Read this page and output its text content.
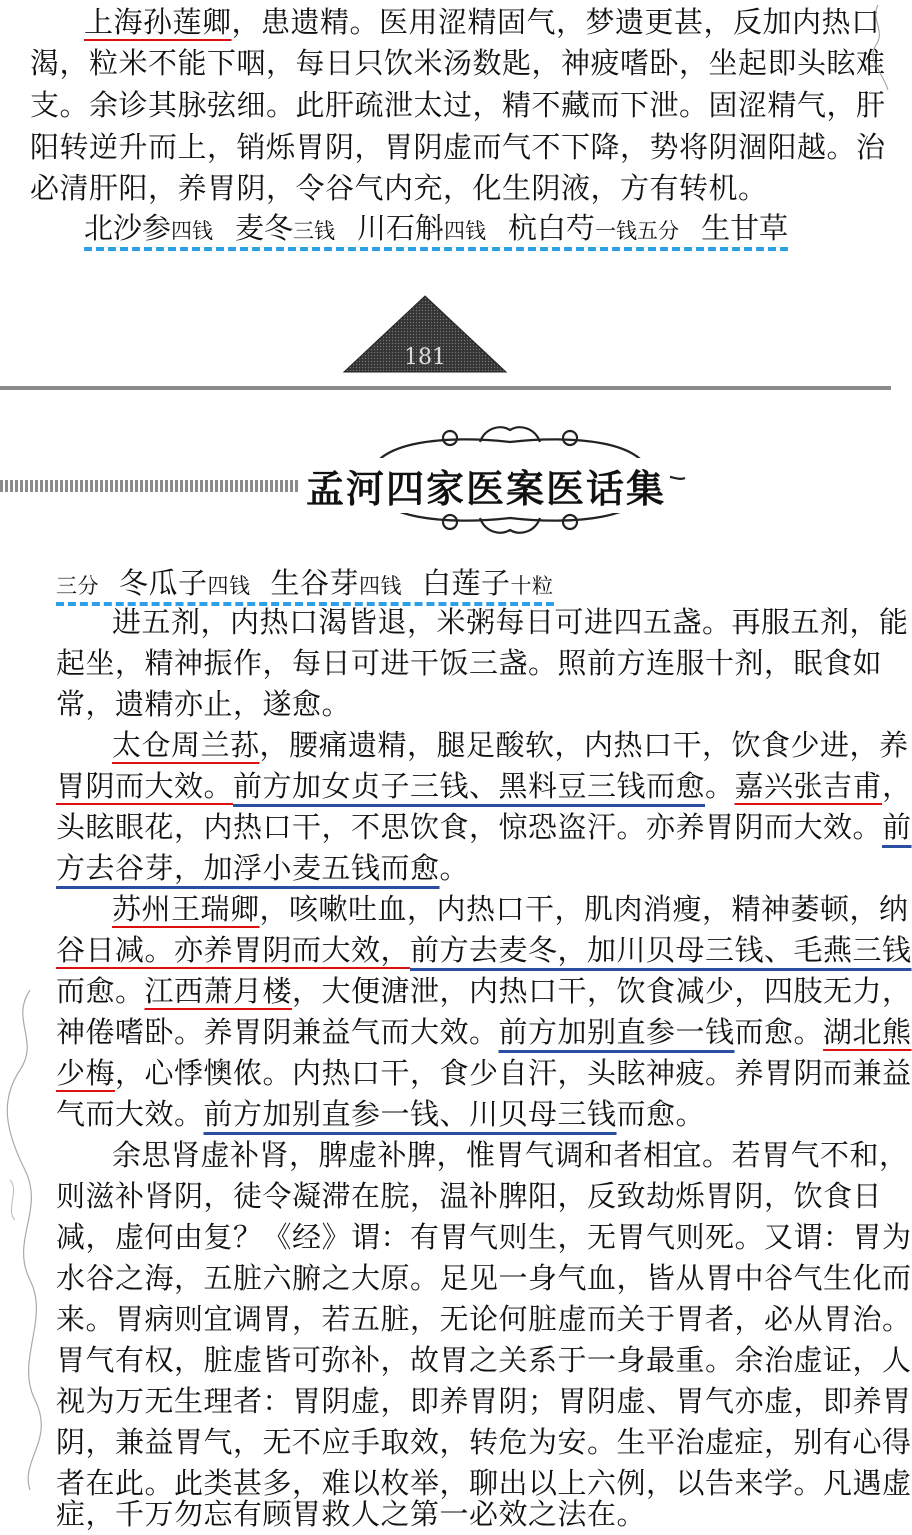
上海孙莲卿，患遗精。医用涩精固气，梦遗更甚，反加内热口
渴，粒米不能下咽，每日只饮米汤数匙，神疲嗜卧，坐起即头眩难
支。余诊其脉弦细。此肝疏泄太过，精不藏而下泄。固涩精气，肝
阳转逆升而上，销烁胃阴，胃阴虚而气不下降，势将阴涸阳越。治
必清肝阳，养胃阴，令谷气内充，化生阴液，方有转机。
北沙参四钱 麦冬三钱 川石斛四钱 杭白芍一钱五分 生甘草
181
孟河四家医案医话集
三分 冬瓜子四钱 生谷芽四钱 白莲子十粒
进五剂，内热口渴皆退，米粥每日可进四五盏。再服五剂，能
起坐，精神振作，每日可进干饭三盏。照前方连服十剂，眠食如
常，遗精亦止，遂愈。
太仓周兰荪，腰痛遗精，腿足酸软，内热口干，饮食少进，养
胃阴而大效。前方加女贞子三钱、黑料豆三钱而愈。嘉兴张吉甫，
头眩眼花，内热口干，不思饮食，惊恐盗汗。亦养胃阴而大效。前
方去谷芽，加浮小麦五钱而愈。
苏州王瑞卿，咳嗽吐血，内热口干，肌肉消瘦，精神萎顿，纳
谷日减。亦养胃阴而大效，前方去麦冬，加川贝母三钱、毛燕三钱
而愈。江西萧月楼，大便溏泄，内热口干，饮食减少，四肢无力，
神倦嗜卧。养胃阴兼益气而大效。前方加别直参一钱而愈。湖北熊
少梅，心悸懊侬。内热口干，食少自汗，头眩神疲。养胃阴而兼益
气而大效。前方加别直参一钱、川贝母三钱而愈。
余思肾虚补肾，脾虚补脾，惟胃气调和者相宜。若胃气不和，
则滋补肾阴，徒令凝滞在脘，温补脾阳，反致劫烁胃阴，饮食日
减，虚何由复？《经》谓：有胃气则生，无胃气则死。又谓：胃为
水谷之海，五脏六腑之大原。足见一身气血，皆从胃中谷气生化而
来。胃病则宜调胃，若五脏，无论何脏虚而关于胃者，必从胃治。
胃气有权，脏虚皆可弥补，故胃之关系于一身最重。余治虚证，人
视为万无生理者：胃阴虚，即养胃阴；胃阴虚、胃气亦虚，即养胃
阴，兼益胃气，无不应手取效，转危为安。生平治虚症，别有心得
者在此。此类甚多，难以枚举，聊出以上六例，以告来学。凡遇虚
症，千万勿忘有顾胃救人之第一必效之法在。
